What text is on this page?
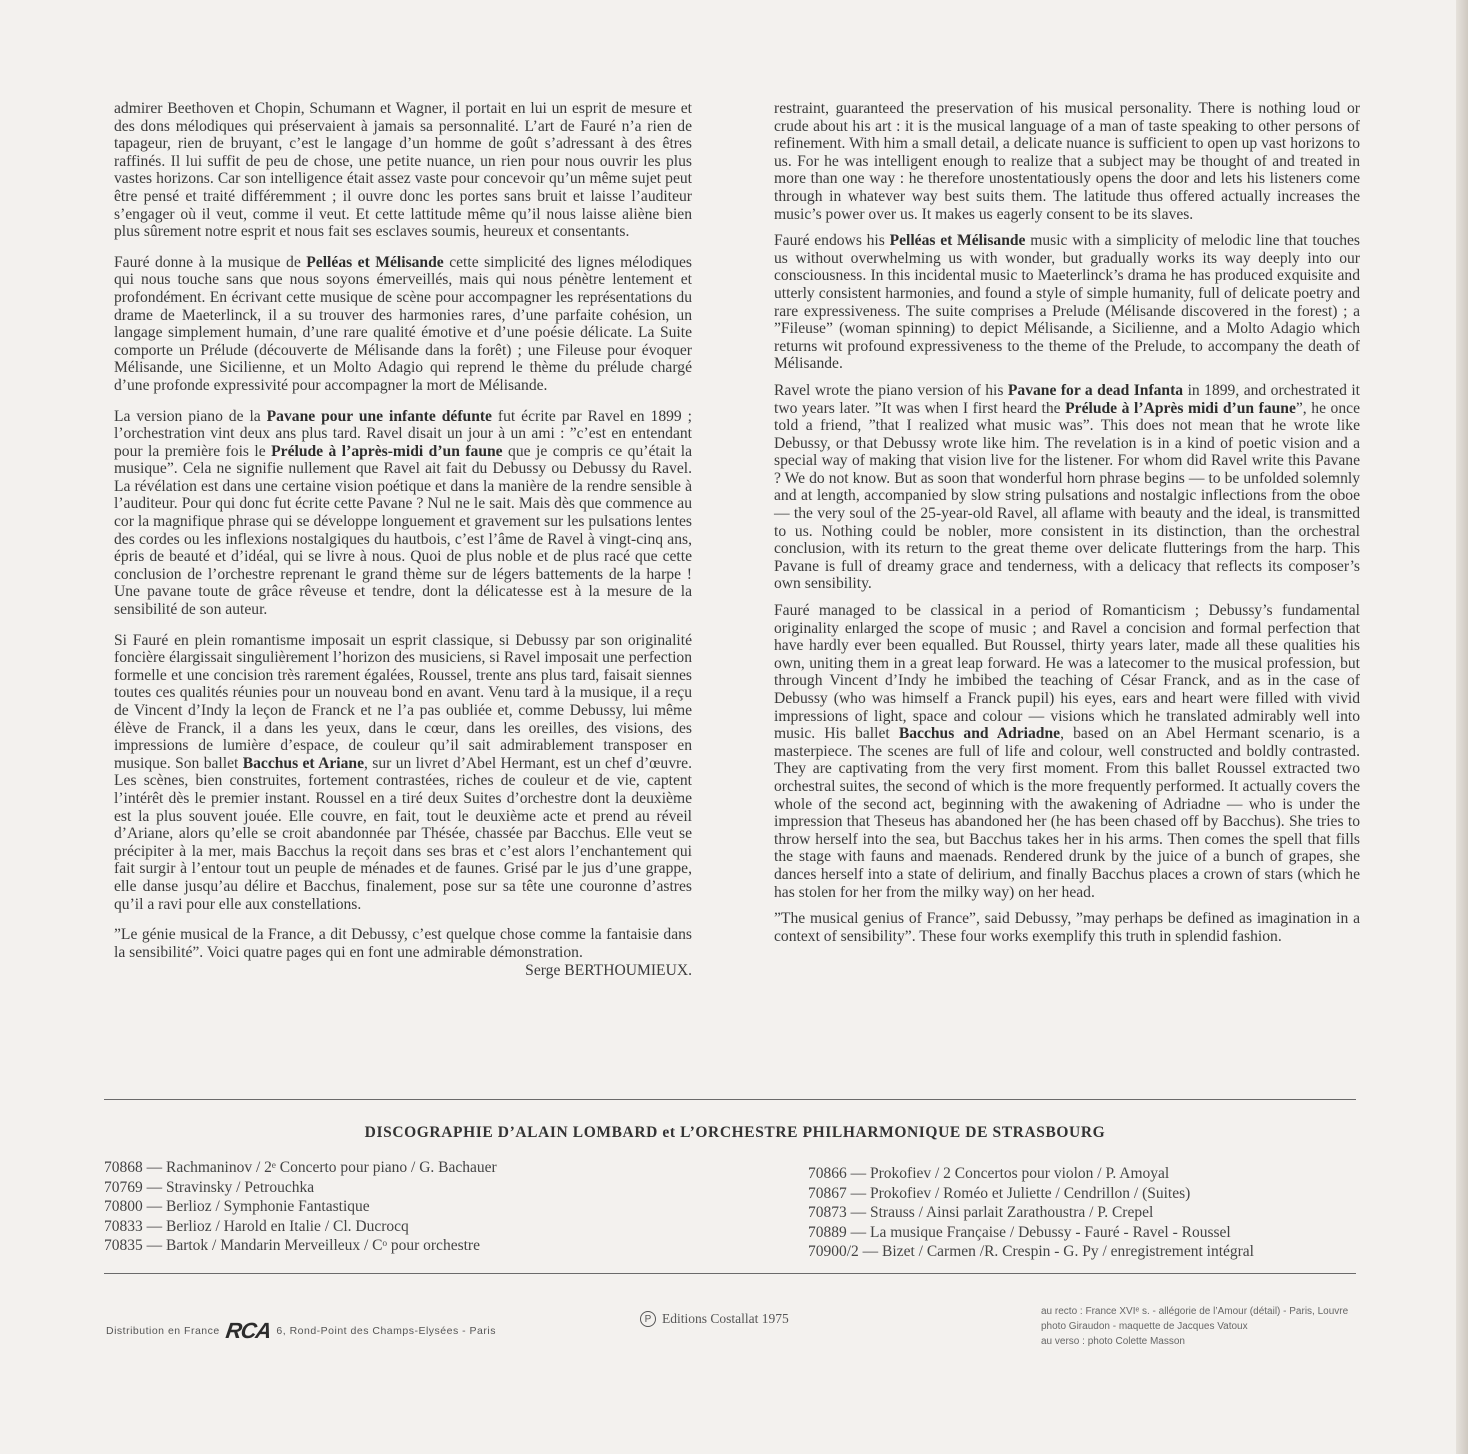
admirer Beethoven et Chopin, Schumann et Wagner, il portait en lui un esprit de mesure et des dons mélodiques qui préservaient à jamais sa personnalité. L’art de Fauré n’a rien de tapageur, rien de bruyant, c’est le langage d’un homme de goût s’adressant à des êtres raffinés. Il lui suffit de peu de chose, une petite nuance, un rien pour nous ouvrir les plus vastes horizons. Car son intelligence était assez vaste pour concevoir qu’un même sujet peut être pensé et traité différemment ; il ouvre donc les portes sans bruit et laisse l’auditeur s’engager où il veut, comme il veut. Et cette lattitude même qu’il nous laisse aliène bien plus sûrement notre esprit et nous fait ses esclaves soumis, heureux et consentants.

Fauré donne à la musique de Pelléas et Mélisande cette simplicité des lignes mélodiques qui nous touche sans que nous soyons émerveillés, mais qui nous pénètre lentement et profondément. En écrivant cette musique de scène pour accompagner les représentations du drame de Maeterlinck, il a su trouver des harmonies rares, d’une parfaite cohésion, un langage simplement humain, d’une rare qualité émotive et d’une poésie délicate. La Suite comporte un Prélude (découverte de Mélisande dans la forêt) ; une Fileuse pour évoquer Mélisande, une Sicilienne, et un Molto Adagio qui reprend le thème du prélude chargé d’une profonde expressivité pour accompagner la mort de Mélisande.

La version piano de la Pavane pour une infante défunte fut écrite par Ravel en 1899 ; l’orchestration vint deux ans plus tard. Ravel disait un jour à un ami : ”c’est en entendant pour la première fois le Prélude à l’après-midi d’un faune que je compris ce qu’était la musique”. Cela ne signifie nullement que Ravel ait fait du Debussy ou Debussy du Ravel. La révélation est dans une certaine vision poétique et dans la manière de la rendre sensible à l’auditeur. Pour qui donc fut écrite cette Pavane ? Nul ne le sait. Mais dès que commence au cor la magnifique phrase qui se développe longuement et gravement sur les pulsations lentes des cordes ou les inflexions nostalgiques du hautbois, c’est l’âme de Ravel à vingt-cinq ans, épris de beauté et d’idéal, qui se livre à nous. Quoi de plus noble et de plus racé que cette conclusion de l’orchestre reprenant le grand thème sur de légers battements de la harpe ! Une pavane toute de grâce rêveuse et tendre, dont la délicatesse est à la mesure de la sensibilité de son auteur.

Si Fauré en plein romantisme imposait un esprit classique, si Debussy par son originalité foncière élargissait singulièrement l’horizon des musiciens, si Ravel imposait une perfection formelle et une concision très rarement égalées, Roussel, trente ans plus tard, faisait siennes toutes ces qualités réunies pour un nouveau bond en avant. Venu tard à la musique, il a reçu de Vincent d’Indy la leçon de Franck et ne l’a pas oubliée et, comme Debussy, lui même élève de Franck, il a dans les yeux, dans le cœur, dans les oreilles, des visions, des impressions de lumière d’espace, de couleur qu’il sait admirablement transposer en musique. Son ballet Bacchus et Ariane, sur un livret d’Abel Hermant, est un chef d’œuvre. Les scènes, bien construites, fortement contrastées, riches de couleur et de vie, captent l’intérêt dès le premier instant. Roussel en a tiré deux Suites d’orchestre dont la deuxième est la plus souvent jouée. Elle couvre, en fait, tout le deuxième acte et prend au réveil d’Ariane, alors qu’elle se croit abandonnée par Thésée, chassée par Bacchus. Elle veut se précipiter à la mer, mais Bacchus la reçoit dans ses bras et c’est alors l’enchantement qui fait surgir à l’entour tout un peuple de ménades et de faunes. Grisé par le jus d’une grappe, elle danse jusqu’au délire et Bacchus, finalement, pose sur sa tête une couronne d’astres qu’il a ravi pour elle aux constellations.

”Le génie musical de la France, a dit Debussy, c’est quelque chose comme la fantaisie dans la sensibilité”. Voici quatre pages qui en font une admirable démonstration.

Serge BERTHOUMIEUX.

restraint, guaranteed the preservation of his musical personality. There is nothing loud or crude about his art : it is the musical language of a man of taste speaking to other persons of refinement. With him a small detail, a delicate nuance is sufficient to open up vast horizons to us. For he was intelligent enough to realize that a subject may be thought of and treated in more than one way : he therefore unostentatiously opens the door and lets his listeners come through in whatever way best suits them. The latitude thus offered actually increases the music’s power over us. It makes us eagerly consent to be its slaves.

Fauré endows his Pelléas et Mélisande music with a simplicity of melodic line that touches us without overwhelming us with wonder, but gradually works its way deeply into our consciousness. In this incidental music to Maeterlinck’s drama he has produced exquisite and utterly consistent harmonies, and found a style of simple humanity, full of delicate poetry and rare expressiveness. The suite comprises a Prelude (Mélisande discovered in the forest) ; a ”Fileuse” (woman spinning) to depict Mélisande, a Sicilienne, and a Molto Adagio which returns wit profound expressiveness to the theme of the Prelude, to accompany the death of Mélisande.

Ravel wrote the piano version of his Pavane for a dead Infanta in 1899, and orchestrated it two years later. ”It was when I first heard the Prélude à l’Après midi d’un faune”, he once told a friend, ”that I realized what music was”. This does not mean that he wrote like Debussy, or that Debussy wrote like him. The revelation is in a kind of poetic vision and a special way of making that vision live for the listener. For whom did Ravel write this Pavane ? We do not know. But as soon that wonderful horn phrase begins — to be unfolded solemnly and at length, accompanied by slow string pulsations and nostalgic inflections from the oboe — the very soul of the 25-year-old Ravel, all aflame with beauty and the ideal, is transmitted to us. Nothing could be nobler, more consistent in its distinction, than the orchestral conclusion, with its return to the great theme over delicate flutterings from the harp. This Pavane is full of dreamy grace and tenderness, with a delicacy that reflects its composer’s own sensibility.

Fauré managed to be classical in a period of Romanticism ; Debussy’s fundamental originality enlarged the scope of music ; and Ravel a concision and formal perfection that have hardly ever been equalled. But Roussel, thirty years later, made all these qualities his own, uniting them in a great leap forward. He was a latecomer to the musical profession, but through Vincent d’Indy he imbibed the teaching of César Franck, and as in the case of Debussy (who was himself a Franck pupil) his eyes, ears and heart were filled with vivid impressions of light, space and colour — visions which he translated admirably well into music. His ballet Bacchus and Adriadne, based on an Abel Hermant scenario, is a masterpiece. The scenes are full of life and colour, well constructed and boldly contrasted. They are captivating from the very first moment. From this ballet Roussel extracted two orchestral suites, the second of which is the more frequently performed. It actually covers the whole of the second act, beginning with the awakening of Adriadne — who is under the impression that Theseus has abandoned her (he has been chased off by Bacchus). She tries to throw herself into the sea, but Bacchus takes her in his arms. Then comes the spell that fills the stage with fauns and maenads. Rendered drunk by the juice of a bunch of grapes, she dances herself into a state of delirium, and finally Bacchus places a crown of stars (which he has stolen for her from the milky way) on her head.

”The musical genius of France”, said Debussy, ”may perhaps be defined as imagination in a context of sensibility”. These four works exemplify this truth in splendid fashion.

DISCOGRAPHIE D’ALAIN LOMBARD et L’ORCHESTRE PHILHARMONIQUE DE STRASBOURG
70868 — Rachmaninov / 2ᵉ Concerto pour piano / G. Bachauer
70769 — Stravinsky / Petrouchka
70800 — Berlioz / Symphonie Fantastique
70833 — Berlioz / Harold en Italie / Cl. Ducrocq
70835 — Bartok / Mandarin Merveilleux / Cᵒ pour orchestre
70866 — Prokofiev / 2 Concertos pour violon / P. Amoyal
70867 — Prokofiev / Roméo et Juliette / Cendrillon / (Suites)
70873 — Strauss / Ainsi parlait Zarathoustra / P. Crepel
70889 — La musique Française / Debussy - Fauré - Ravel - Roussel
70900/2 — Bizet / Carmen /R. Crespin - G. Py / enregistrement intégral
Distribution en France RCA 6, Rond-Point des Champs-Elysées - Paris
P Editions Costallat 1975	au recto : France XVIᵉ s. - allégorie de l’Amour (détail) - Paris, Louvre
photo Giraudon - maquette de Jacques Vatoux
au verso : photo Colette Masson
